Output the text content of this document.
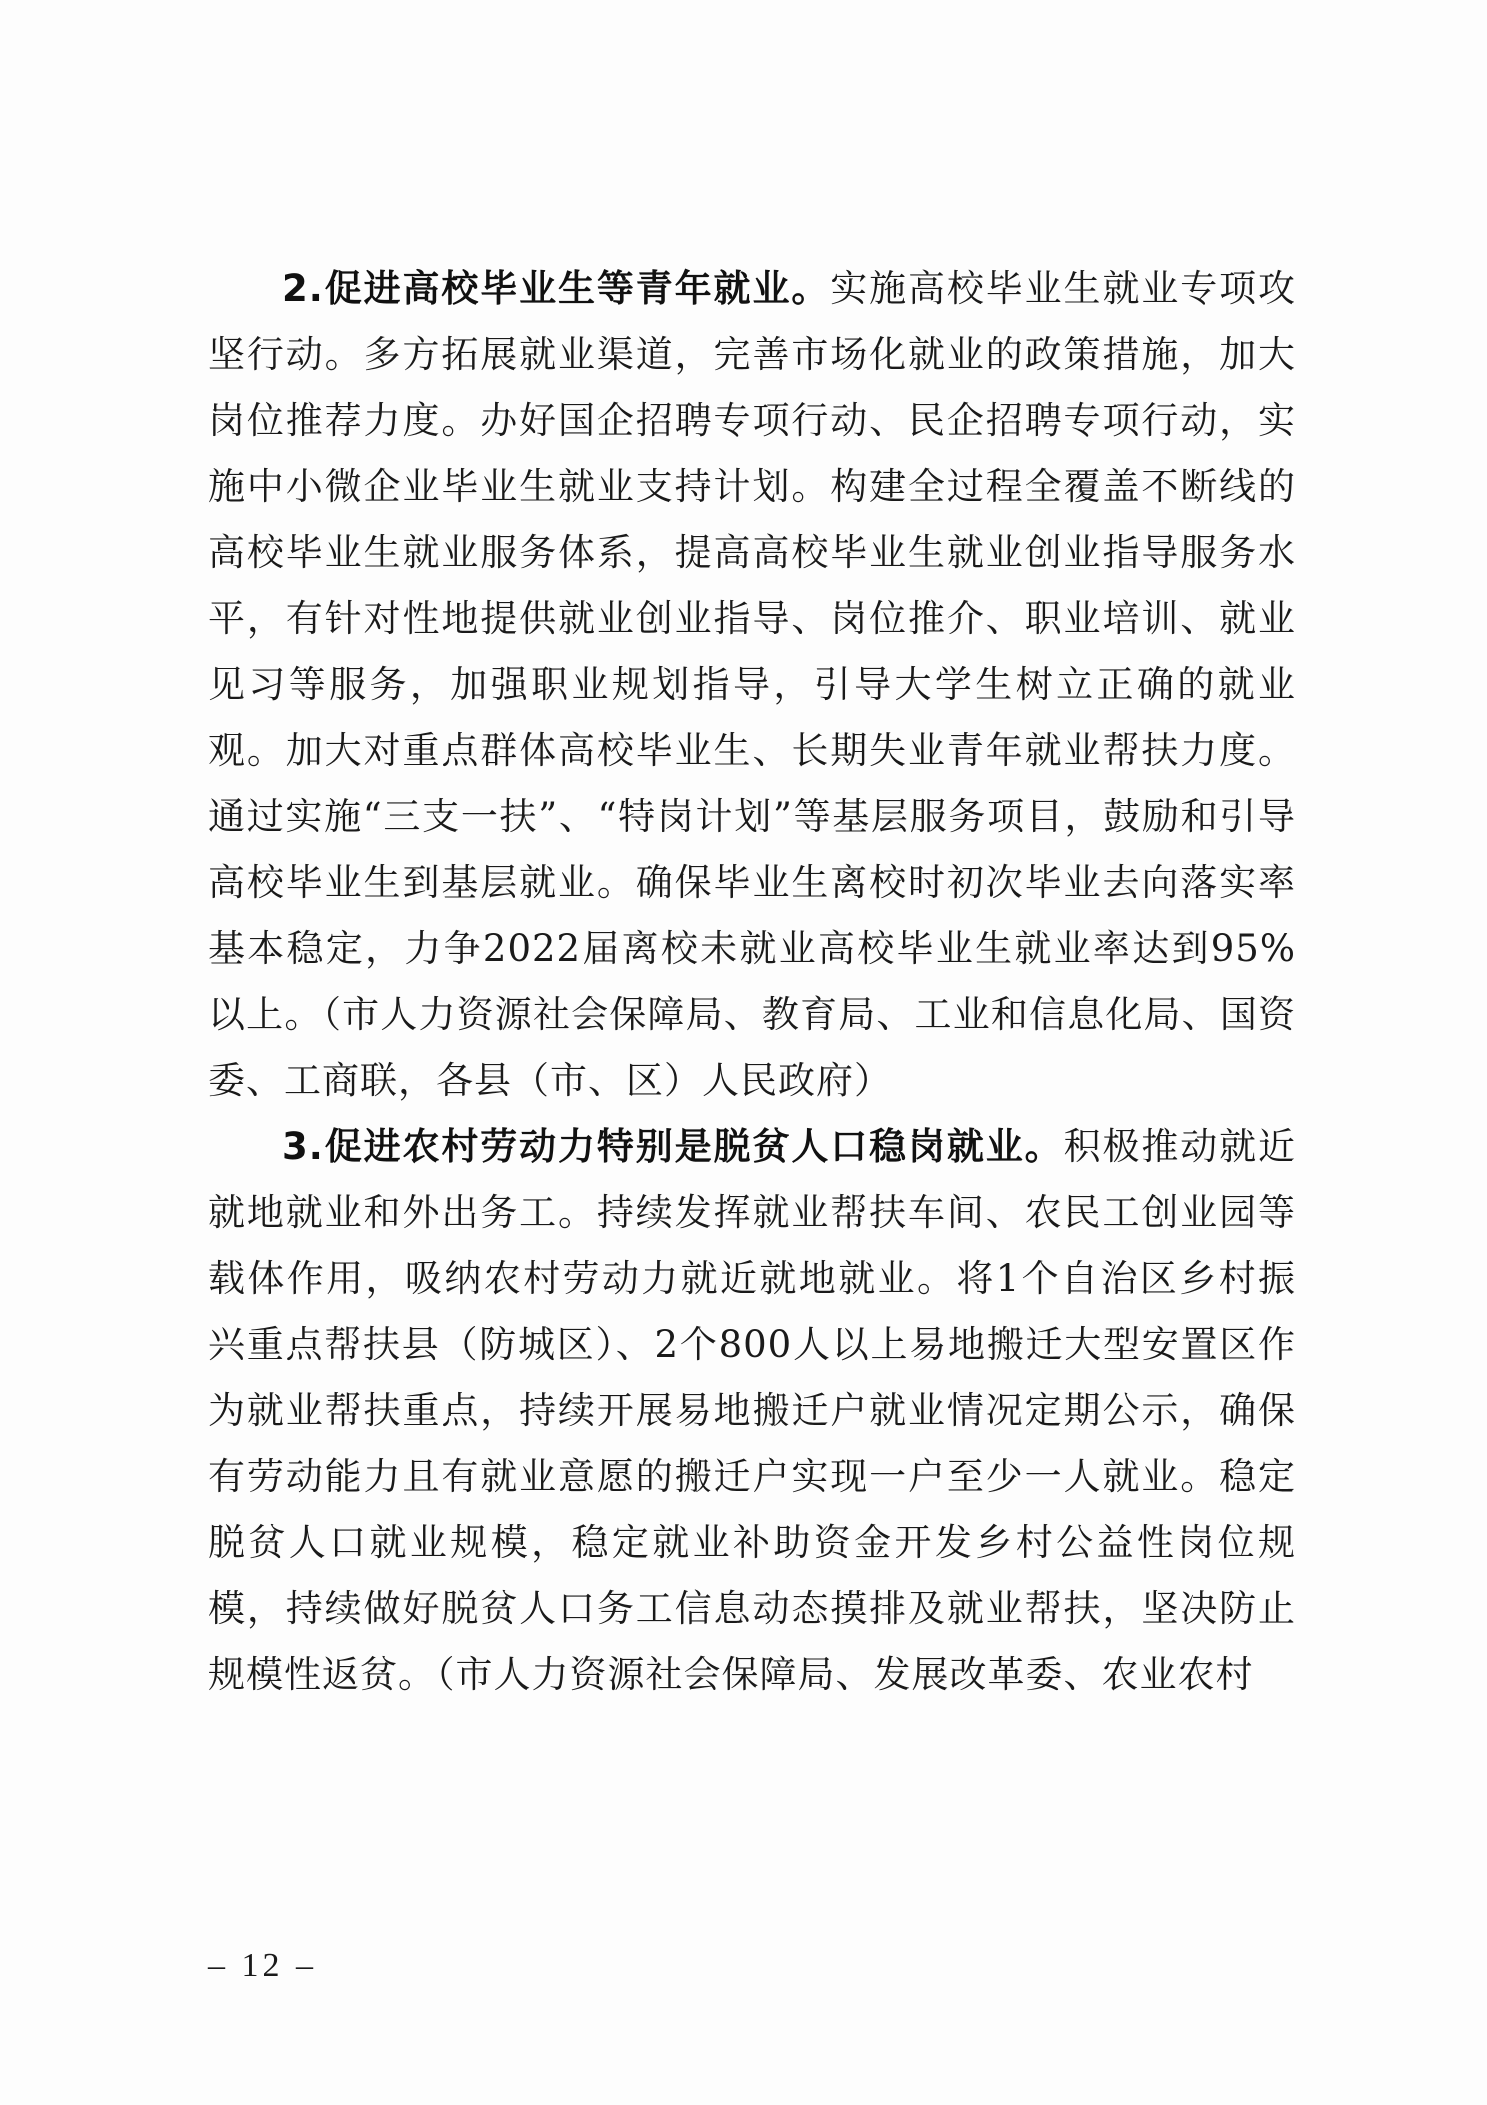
2.促进高校毕业生等青年就业。实施高校毕业生就业专项攻坚行动。多方拓展就业渠道，完善市场化就业的政策措施，加大岗位推荐力度。办好国企招聘专项行动、民企招聘专项行动，实施中小微企业毕业生就业支持计划。构建全过程全覆盖不断线的高校毕业生就业服务体系，提高高校毕业生就业创业指导服务水平，有针对性地提供就业创业指导、岗位推介、职业培训、就业见习等服务，加强职业规划指导，引导大学生树立正确的就业观。加大对重点群体高校毕业生、长期失业青年就业帮扶力度。通过实施“三支一扶”、“特岗计划”等基层服务项目，鼓励和引导高校毕业生到基层就业。确保毕业生离校时初次毕业去向落实率基本稳定，力争2022届离校未就业高校毕业生就业率达到95%以上。（市人力资源社会保障局、教育局、工业和信息化局、国资委、工商联，各县（市、区）人民政府）

3.促进农村劳动力特别是脱贫人口稳岗就业。积极推动就近就地就业和外出务工。持续发挥就业帮扶车间、农民工创业园等载体作用，吸纳农村劳动力就近就地就业。将1个自治区乡村振兴重点帮扶县（防城区）、2个800人以上易地搬迁大型安置区作为就业帮扶重点，持续开展易地搬迁户就业情况定期公示，确保有劳动能力且有就业意愿的搬迁户实现一户至少一人就业。稳定脱贫人口就业规模，稳定就业补助资金开发乡村公益性岗位规模，持续做好脱贫人口务工信息动态摸排及就业帮扶，坚决防止规模性返贫。（市人力资源社会保障局、发展改革委、农业农村

– 12 –
